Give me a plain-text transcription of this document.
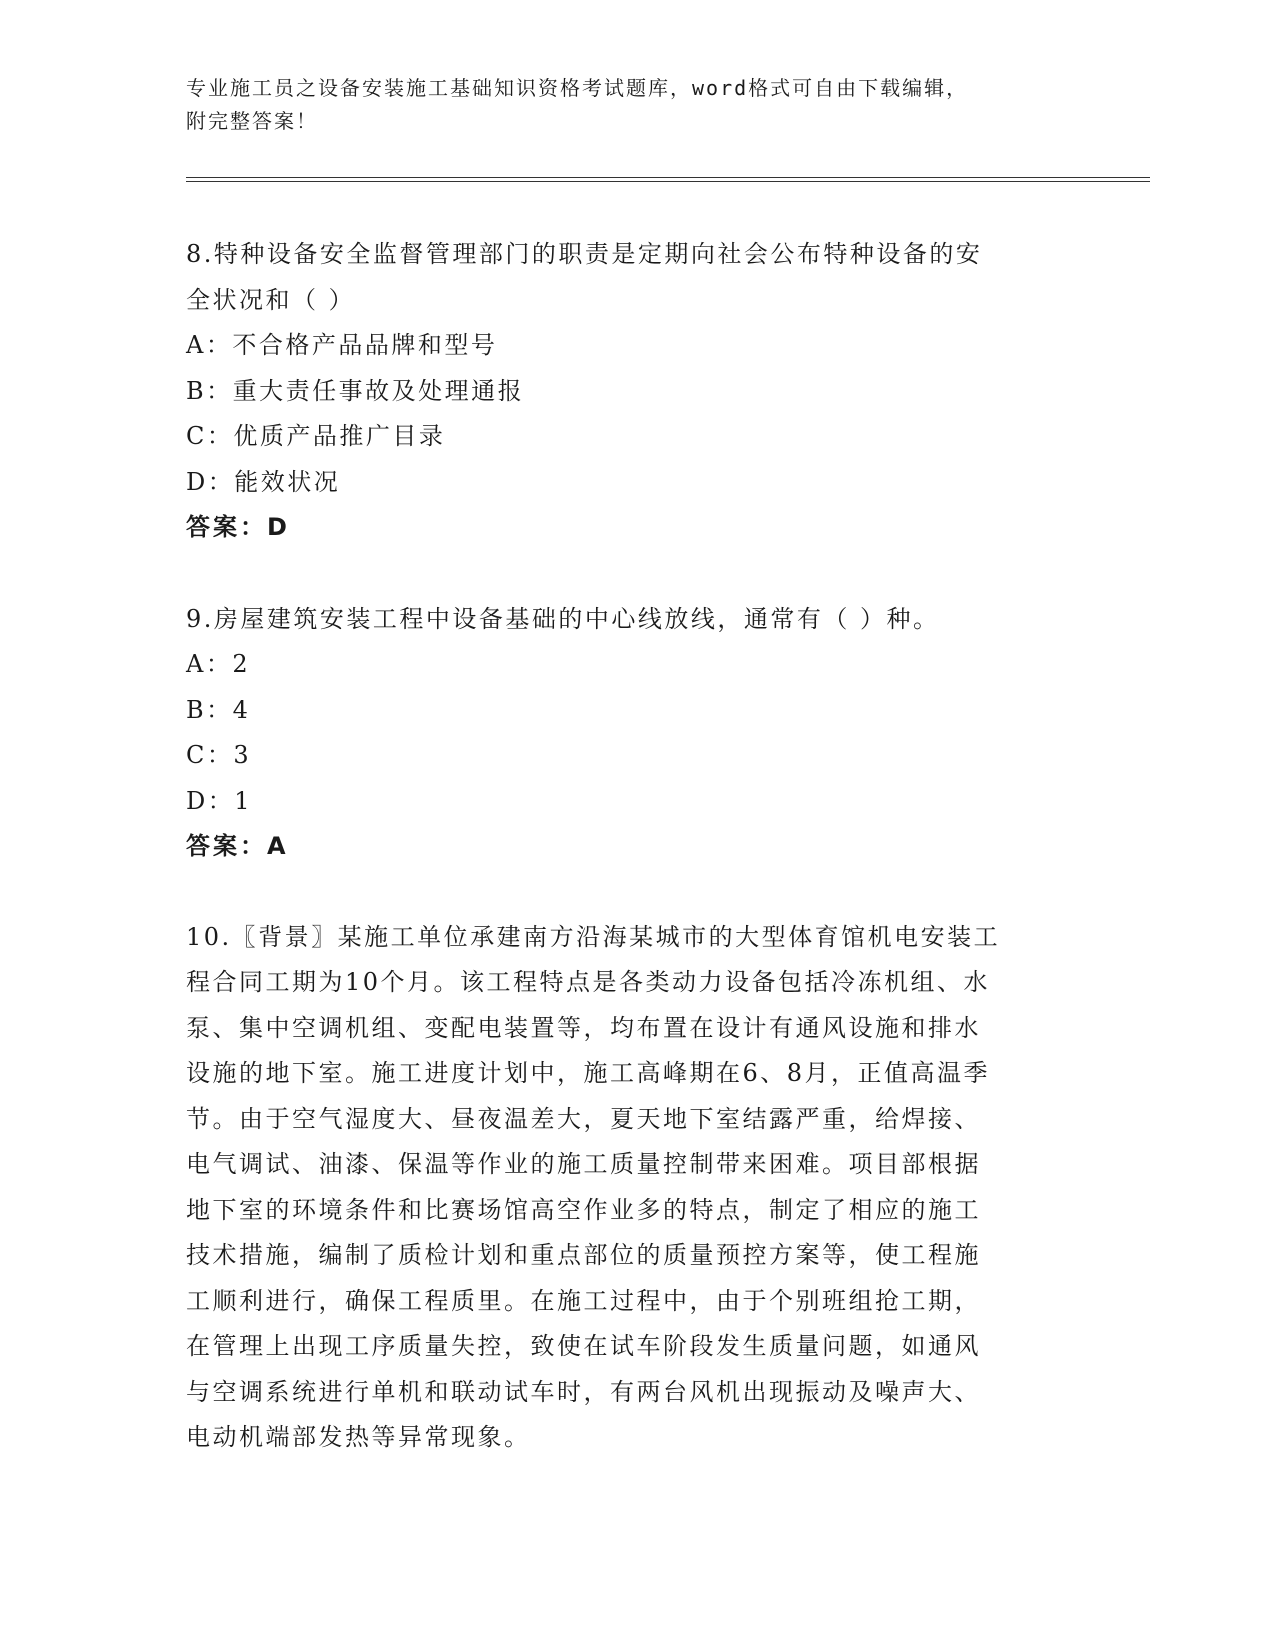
专业施工员之设备安装施工基础知识资格考试题库，word格式可自由下载编辑，
附完整答案！
8.特种设备安全监督管理部门的职责是定期向社会公布特种设备的安
全状况和（ ）
A：不合格产品品牌和型号
B：重大责任事故及处理通报
C：优质产品推广目录
D：能效状况
答案：D
9.房屋建筑安装工程中设备基础的中心线放线，通常有（ ）种。
A：2
B：4
C：3
D：1
答案：A
10.〖背景〗某施工单位承建南方沿海某城市的大型体育馆机电安装工
程合同工期为10个月。该工程特点是各类动力设备包括冷冻机组、水
泵、集中空调机组、变配电装置等，均布置在设计有通风设施和排水
设施的地下室。施工进度计划中，施工高峰期在6、8月，正值高温季
节。由于空气湿度大、昼夜温差大，夏天地下室结露严重，给焊接、
电气调试、油漆、保温等作业的施工质量控制带来困难。项目部根据
地下室的环境条件和比赛场馆高空作业多的特点，制定了相应的施工
技术措施，编制了质检计划和重点部位的质量预控方案等，使工程施
工顺利进行，确保工程质里。在施工过程中，由于个别班组抢工期，
在管理上出现工序质量失控，致使在试车阶段发生质量问题，如通风
与空调系统进行单机和联动试车时，有两台风机出现振动及噪声大、
电动机端部发热等异常现象。
